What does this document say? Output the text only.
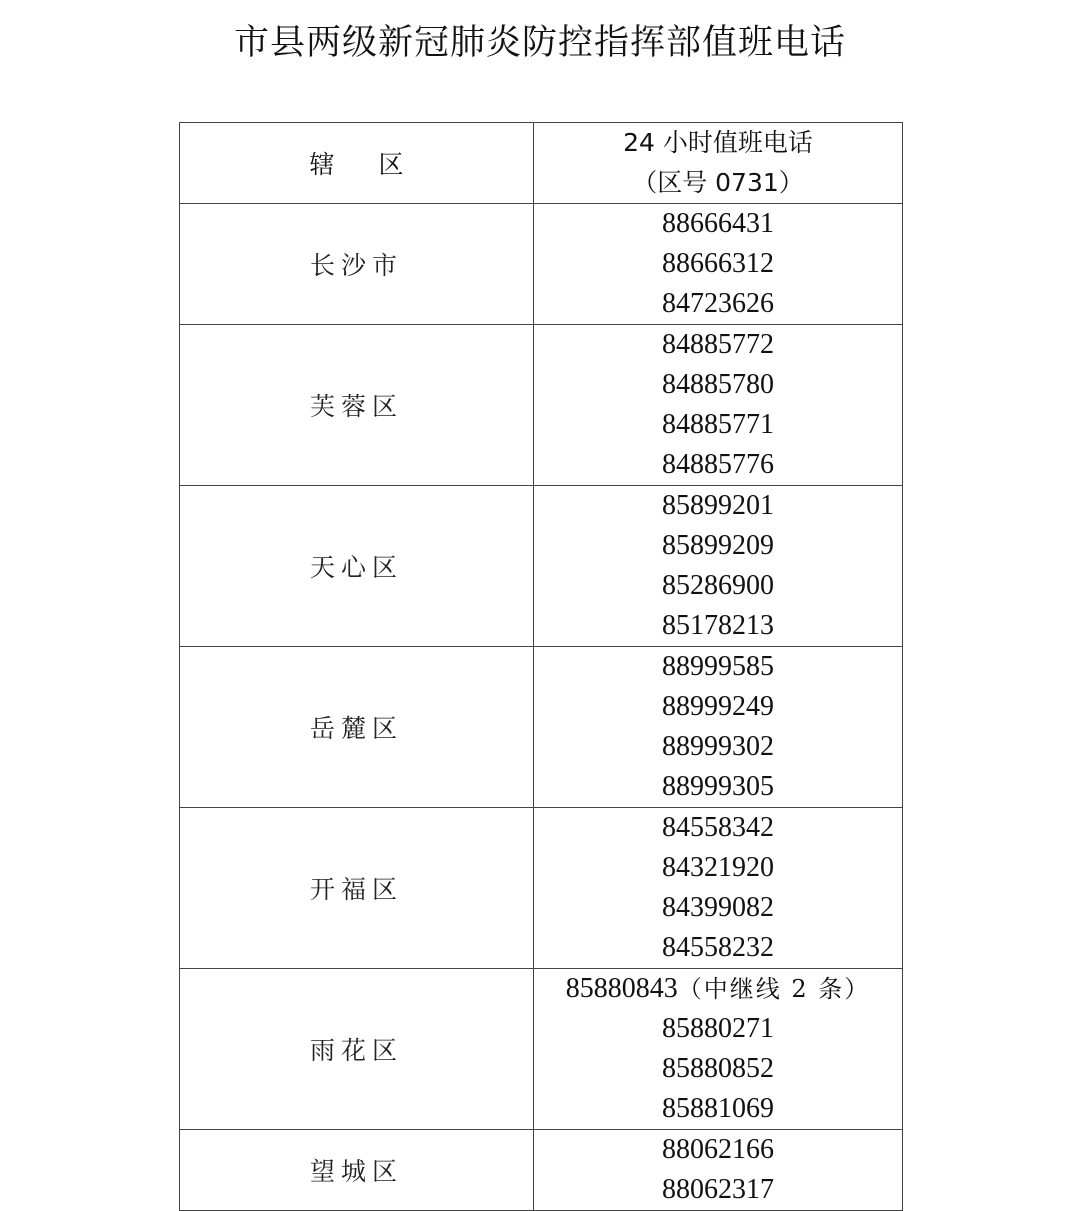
市县两级新冠肺炎防控指挥部值班电话
辖 区	24 小时值班电话
（区号 0731）

长沙市	88666431
88666312
84723626

芙蓉区	84885772
84885780
84885771
84885776

天心区	85899201
85899209
85286900
85178213

岳麓区	88999585
88999249
88999302
88999305

开福区	84558342
84321920
84399082
84558232

雨花区	85880843（中继线 2 条）
85880271
85880852
85881069

望城区	88062166
88062317
